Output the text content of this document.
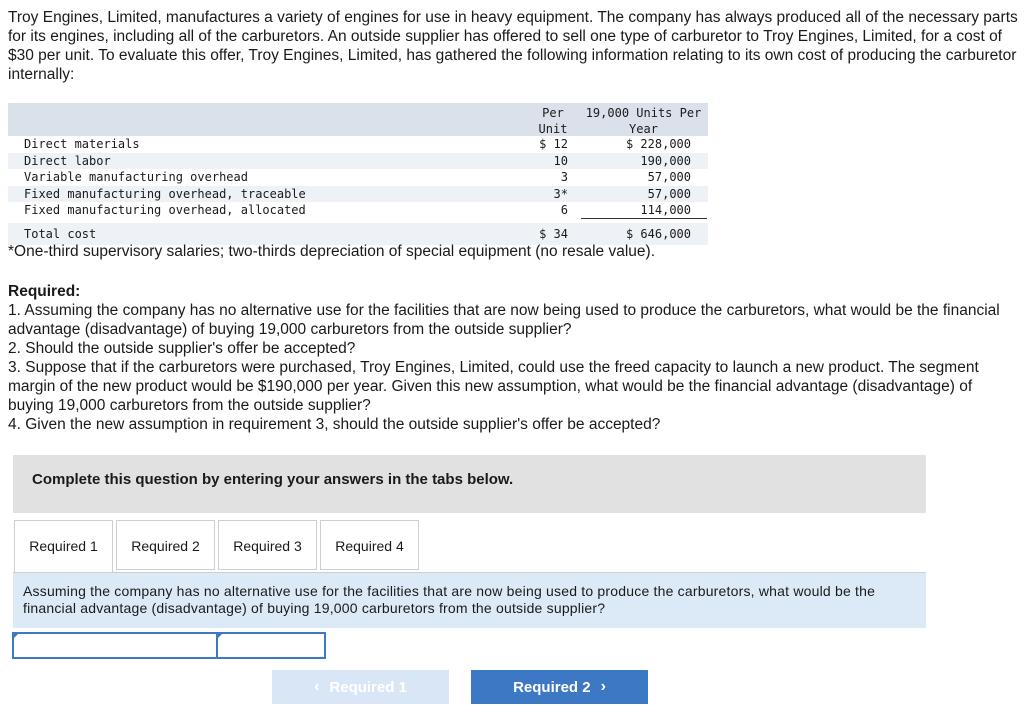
Troy Engines, Limited, manufactures a variety of engines for use in heavy equipment. The company has always produced all of the necessary parts for its engines, including all of the carburetors. An outside supplier has offered to sell one type of carburetor to Troy Engines, Limited, for a cost of $30 per unit. To evaluate this offer, Troy Engines, Limited, has gathered the following information relating to its own cost of producing the carburetor internally:

Per
Unit
19,000 Units Per
Year
Direct materials	$ 12	$ 228,000
Direct labor	10	190,000
Variable manufacturing overhead	3	57,000
Fixed manufacturing overhead, traceable	3*	57,000
Fixed manufacturing overhead, allocated	6	114,000
Total cost	$ 34	$ 646,000

*One-third supervisory salaries; two-thirds depreciation of special equipment (no resale value).

Required:

1. Assuming the company has no alternative use for the facilities that are now being used to produce the carburetors, what would be the financial advantage (disadvantage) of buying 19,000 carburetors from the outside supplier?

2. Should the outside supplier's offer be accepted?

3. Suppose that if the carburetors were purchased, Troy Engines, Limited, could use the freed capacity to launch a new product. The segment margin of the new product would be $190,000 per year. Given this new assumption, what would be the financial advantage (disadvantage) of buying 19,000 carburetors from the outside supplier?

4. Given the new assumption in requirement 3, should the outside supplier's offer be accepted?

Complete this question by entering your answers in the tabs below.
Required 1	Required 2	Required 3	Required 4
Assuming the company has no alternative use for the facilities that are now being used to produce the carburetors, what would be the financial advantage (disadvantage) of buying 19,000 carburetors from the outside supplier?
‹ Required 1	Required 2 ›
